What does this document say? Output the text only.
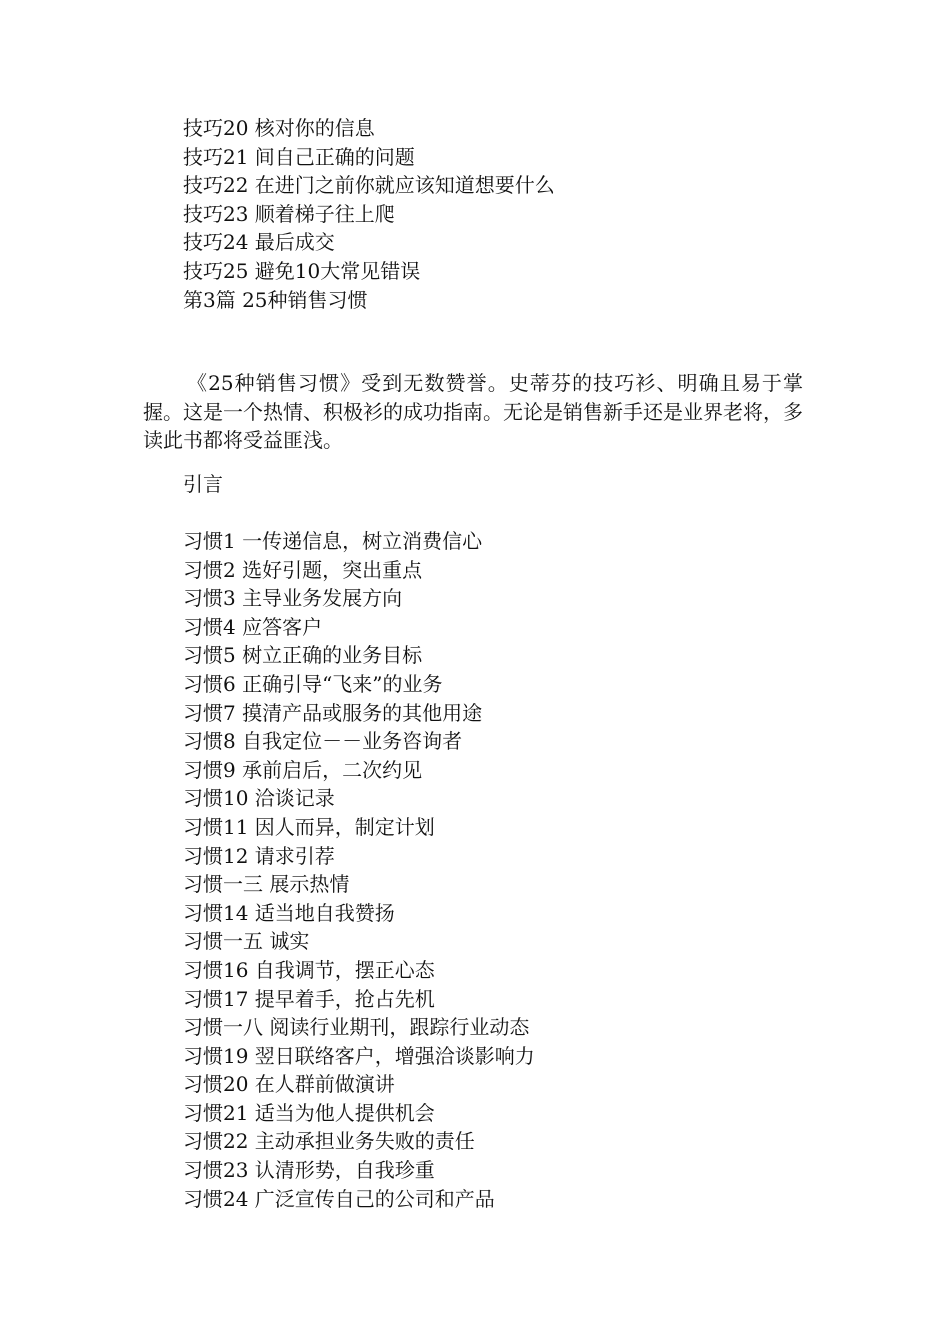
技巧20 核对你的信息
技巧21 间自己正确的问题
技巧22 在进门之前你就应该知道想要什么
技巧23 顺着梯子往上爬
技巧24 最后成交
技巧25 避免10大常见错误
第3篇 25种销售习惯

《25种销售习惯》受到无数赞誉。史蒂芬的技巧衫、明确且易于掌握。这是一个热情、积极衫的成功指南。无论是销售新手还是业界老将，多读此书都将受益匪浅。

引言
习惯1 一传递信息，树立消费信心
习惯2 选好引题，突出重点
习惯3 主导业务发展方向
习惯4 应答客户
习惯5 树立正确的业务目标
习惯6 正确引导“飞来”的业务
习惯7 摸清产品或服务的其他用途
习惯8 自我定位－－业务咨询者
习惯9 承前启后，二次约见
习惯10 洽谈记录
习惯11 因人而异，制定计划
习惯12 请求引荐
习惯一三 展示热情
习惯14 适当地自我赞扬
习惯一五 诚实
习惯16 自我调节，摆正心态
习惯17 提早着手，抢占先机
习惯一八 阅读行业期刊，跟踪行业动态
习惯19 翌日联络客户，增强洽谈影响力
习惯20 在人群前做演讲
习惯21 适当为他人提供机会
习惯22 主动承担业务失败的责任
习惯23 认清形势，自我珍重
习惯24 广泛宣传自己的公司和产品
